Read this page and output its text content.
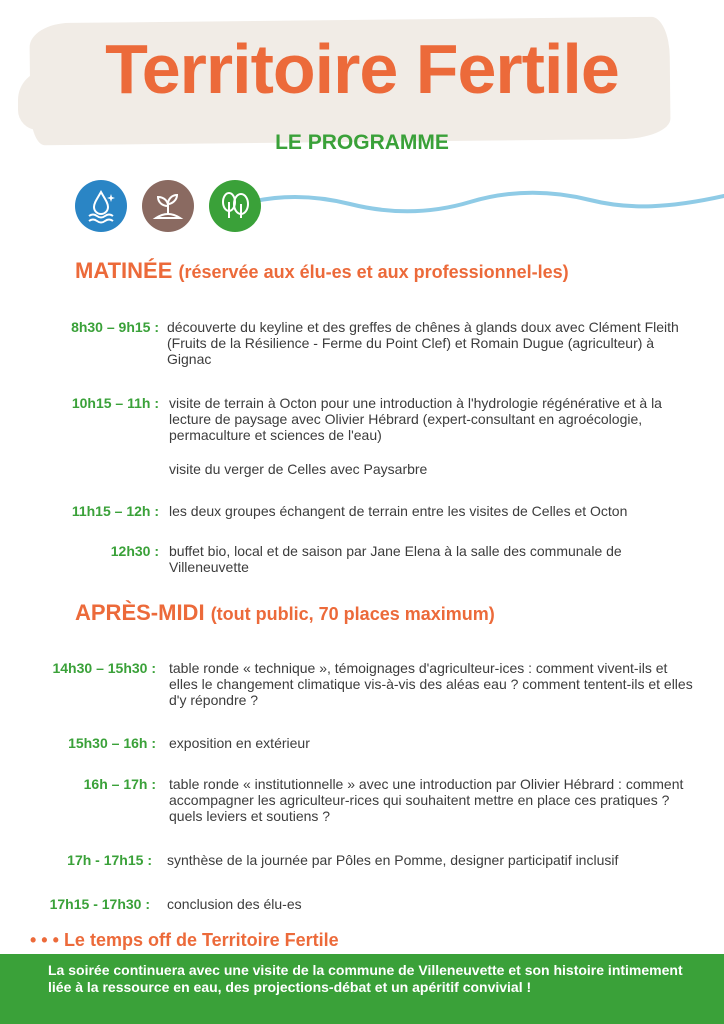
Territoire Fertile
LE PROGRAMME
MATINÉE (réservée aux élu-es et aux professionnel-les)
8h30 – 9h15 : découverte du keyline et des greffes de chênes à glands doux avec Clément Fleith (Fruits de la Résilience - Ferme du Point Clef) et Romain Dugue (agriculteur) à Gignac
10h15 – 11h : visite de terrain à Octon pour une introduction à l'hydrologie régénérative et à la lecture de paysage avec Olivier Hébrard (expert-consultant en agroécologie, permaculture et sciences de l'eau)
visite du verger de Celles avec Paysarbre
11h15 – 12h : les deux groupes échangent de terrain entre les visites de Celles et Octon
12h30 : buffet bio, local et de saison par Jane Elena à la salle des communale de Villeneuvette
APRÈS-MIDI (tout public, 70 places maximum)
14h30 – 15h30 : table ronde « technique », témoignages d'agriculteur-ices : comment vivent-ils et elles le changement climatique vis-à-vis des aléas eau ? comment tentent-ils et elles d'y répondre ?
15h30 – 16h : exposition en extérieur
16h – 17h : table ronde « institutionnelle » avec une introduction par Olivier Hébrard : comment accompagner les agriculteur-rices qui souhaitent mettre en place ces pratiques ? quels leviers et soutiens ?
17h - 17h15 : synthèse de la journée par Pôles en Pomme, designer participatif inclusif
17h15 - 17h30 : conclusion des élu-es
• • • Le temps off de Territoire Fertile
La soirée continuera avec une visite de la commune de Villeneuvette et son histoire intimement liée à la ressource en eau, des projections-débat et un apéritif convivial !
